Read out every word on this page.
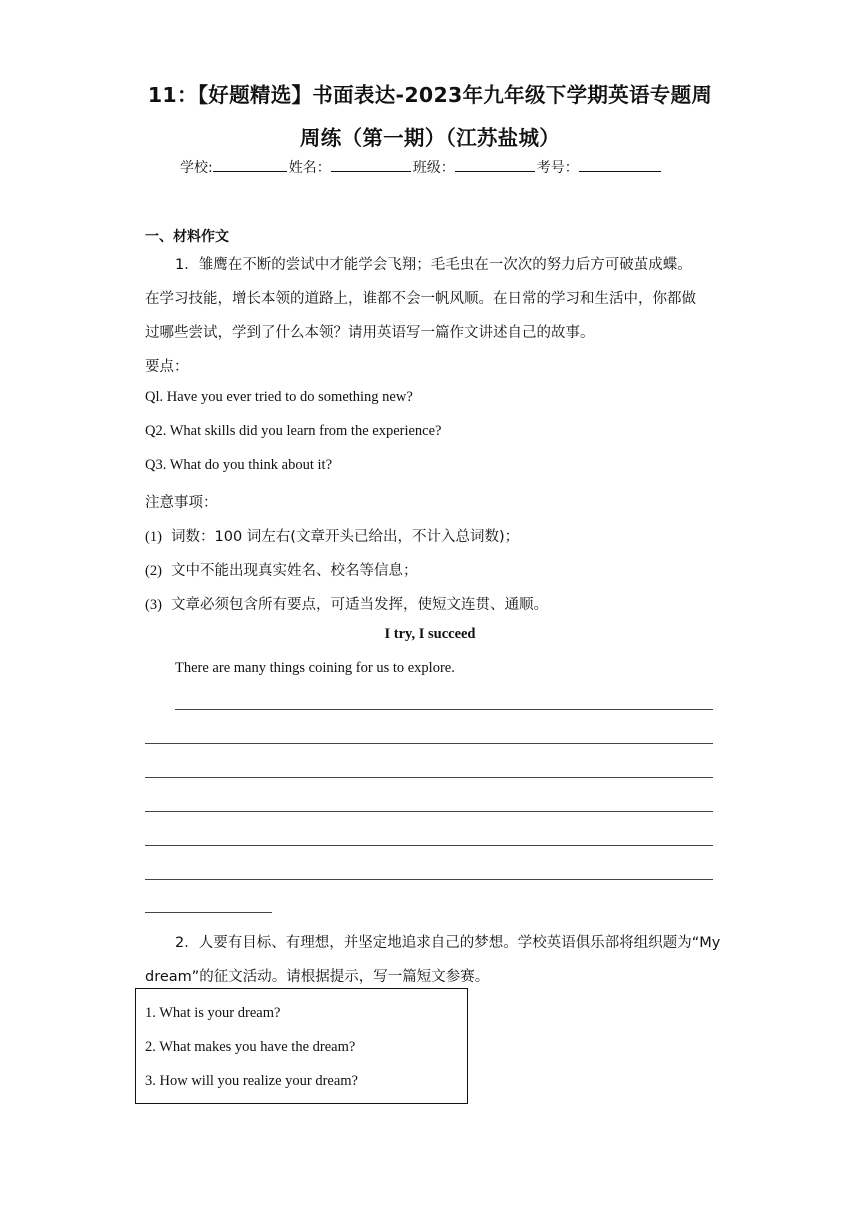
11：【好题精选】书面表达-2023年九年级下学期英语专题周
周练（第一期）（江苏盐城）
学校:	姓名：	班级：	考号：
一、材料作文
1．雏鹰在不断的尝试中才能学会飞翔；毛毛虫在一次次的努力后方可破茧成蝶。
在学习技能，增长本领的道路上，谁都不会一帆风顺。在日常的学习和生活中，你都做
过哪些尝试，学到了什么本领？请用英语写一篇作文讲述自己的故事。
要点：
Ql. Have you ever tried to do something new?
Q2. What skills did you learn from the experience?
Q3. What do you think about it?
注意事项：
(1) 词数：100 词左右(文章开头已给出，不计入总词数)；
(2) 文中不能出现真实姓名、校名等信息；
(3) 文章必须包含所有要点，可适当发挥，使短文连贯、通顺。
I try, I succeed
There are many things coining for us to explore.
2．人要有目标、有理想，并坚定地追求自己的梦想。学校英语俱乐部将组织题为“My
dream”的征文活动。请根据提示，写一篇短文参赛。
1. What is your dream?
2. What makes you have the dream?
3. How will you realize your dream?
